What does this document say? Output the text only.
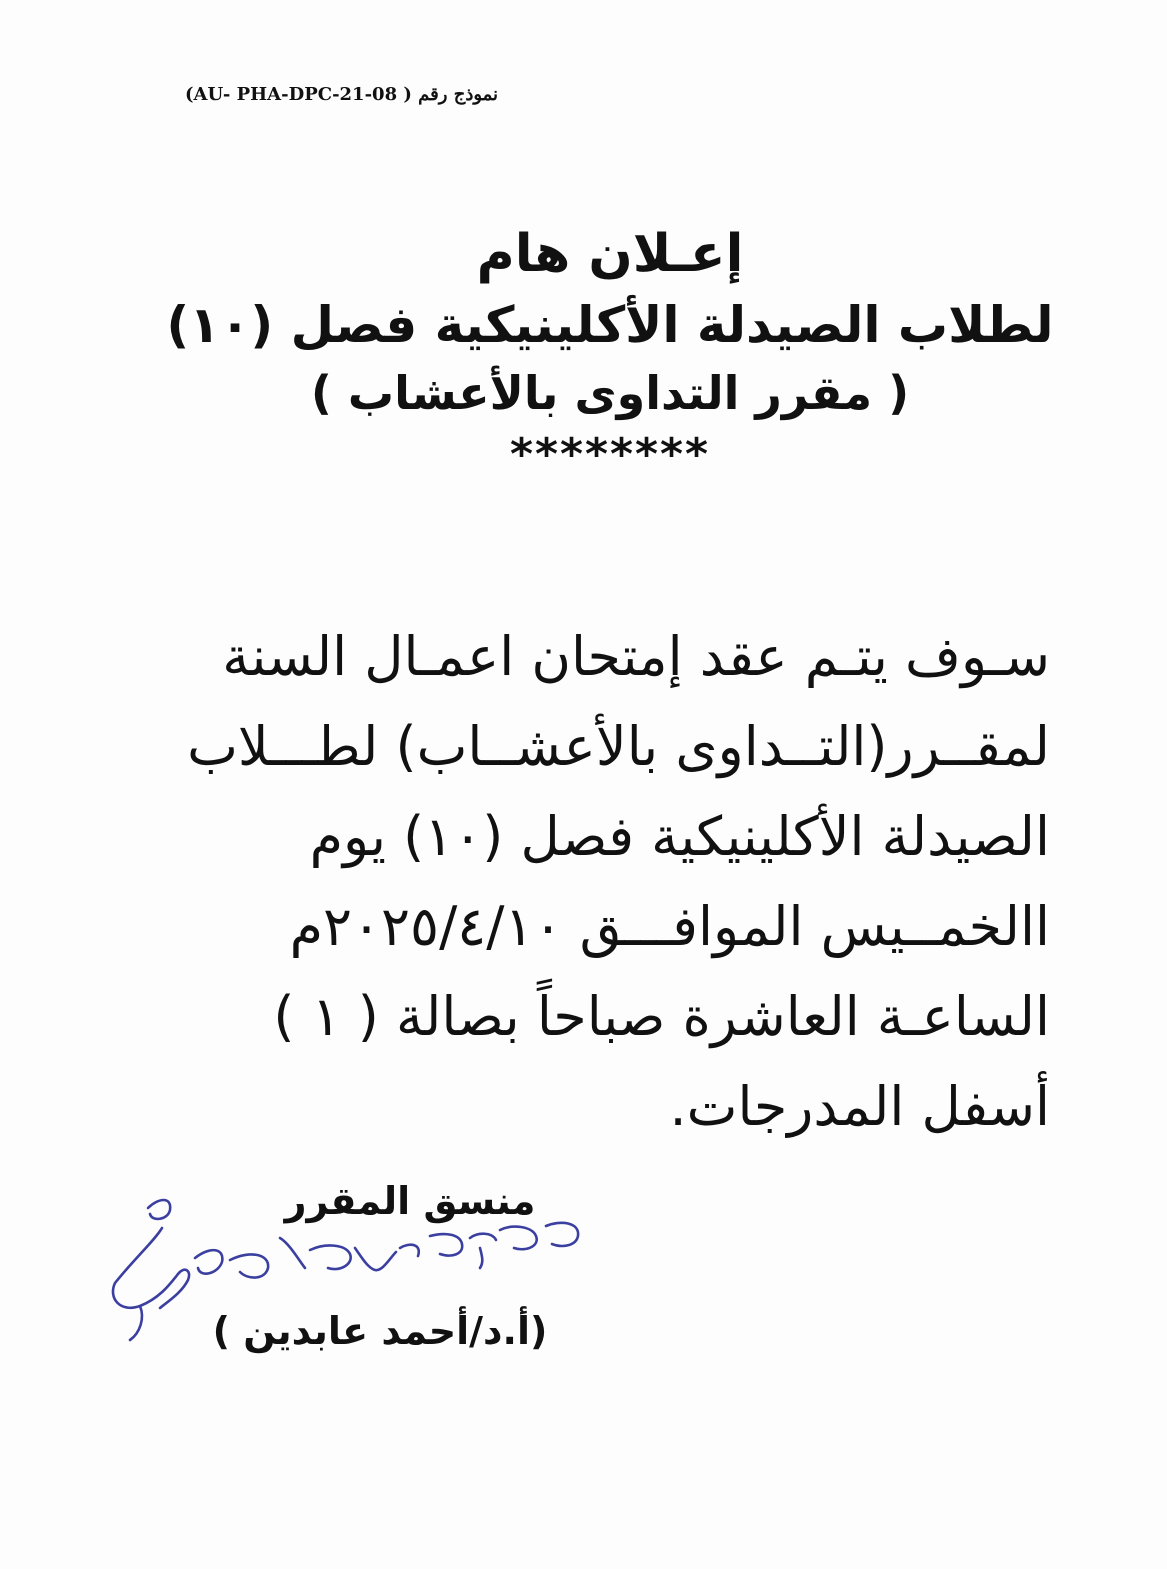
نموذج رقم ( AU- PHA-DPC-21-08)
إعـلان هام
لطلاب الصيدلة الأكلينيكية فصل (١٠)
( مقرر التداوى بالأعشاب )
********
سـوف يتـم عقد إمتحان اعمـال السنة
لمقــرر(التــداوى بالأعشــاب) لطـــلاب
الصيدلة الأكلينيكية فصل (١٠) يوم
االخمــيس الموافـــق ٢٠٢٥/٤/١٠م
الساعـة العاشرة صباحاً بصالة ( ١ )
أسفل المدرجات.
منسق المقرر
(أ.د/أحمد عابدين )
